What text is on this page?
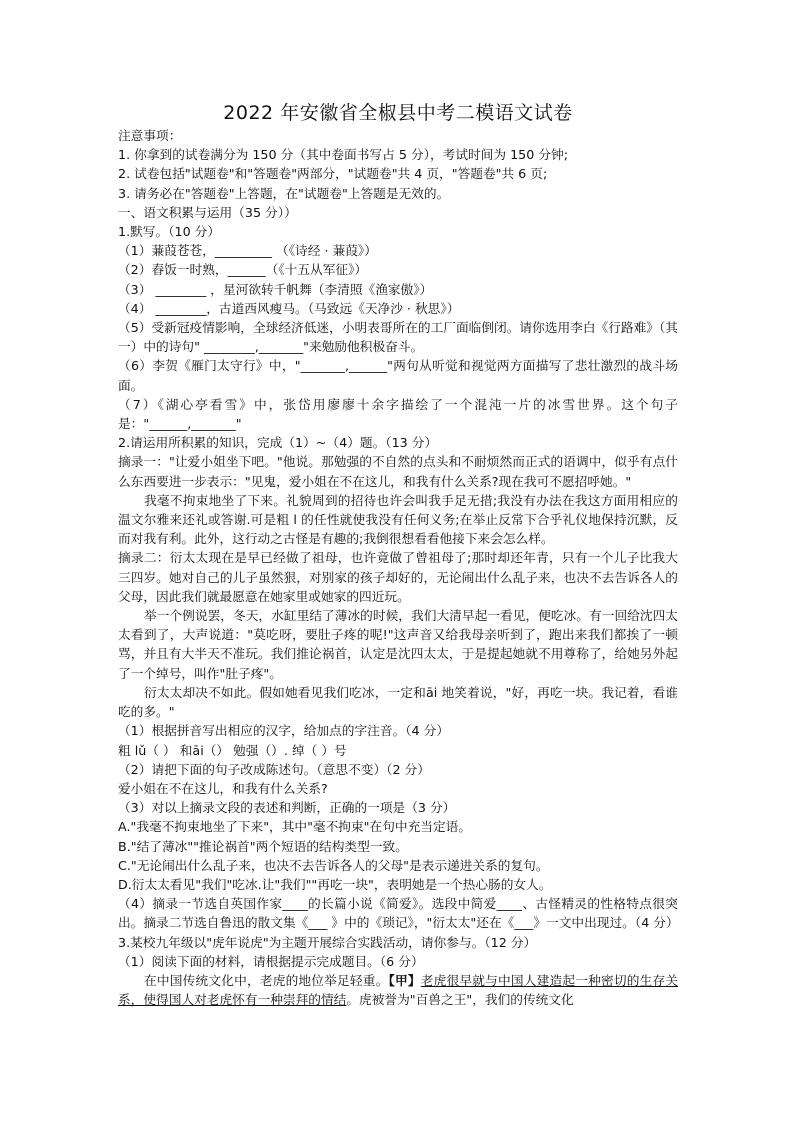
2022 年安徽省全椒县中考二模语文试卷

注意事项：

1. 你拿到的试卷满分为 150 分（其中卷面书写占 5 分），考试时间为 150 分钟;

2. 试卷包括"试题卷"和"答题卷"两部分，"试题卷"共 4 页，"答题卷"共 6 页;

3. 请务必在"答题卷"上答题，在"试题卷"上答题是无效的。

一、语文积累与运用（35 分））

1.默写。（10 分）

（1）蒹葭苍苍，_________ （《诗经 · 蒹葭》）

（2）舂饭一时熟，______（《十五从军征》）

（3） ________ ，星河欲转千帆舞（李清照《渔家傲》）

（4） ________，古道西风瘦马。（马致远《天净沙 · 秋思》）

（5）受新冠疫情影响，全球经济低迷，小明表哥所在的工厂面临倒闭。请你选用李白《行路难》（其一）中的诗句" ________,_______"来勉励他积极奋斗。

（6）李贺《雁门太守行》中，"_______,______"两句从听觉和视觉两方面描写了悲壮激烈的战斗场面。

（7）《湖心亭看雪》中，张岱用廖廖十余字描绘了一个混沌一片的冰雪世界。这个句子是："______,_______"

2.请运用所积累的知识，完成（1）~（4）题。（13 分）

摘录一："让爱小姐坐下吧。"他说。那勉强的不自然的点头和不耐烦然而正式的语调中，似乎有点什么东西要进一步表示："见鬼，爱小姐在不在这儿，和我有什么关系?现在我可不愿招呼她。"

我毫不拘束地坐了下来。礼貌周到的招待也许会叫我手足无措;我没有办法在我这方面用相应的温文尔雅来还礼或答谢.可是粗 l 的任性就使我没有任何义务;在举止反常下合乎礼仪地保持沉默，反而对我有利。此外，这行动之古怪是有趣的;我倒很想看看他接下来会怎么样。

摘录二：衍太太现在是早已经做了祖母，也许竟做了曾祖母了;那时却还年青，只有一个儿子比我大三四岁。她对自己的儿子虽然狠，对别家的孩子却好的，无论闹出什么乱子来，也决不去告诉各人的父母，因此我们就最愿意在她家里或她家的四近玩。

举一个例说罢，冬天，水缸里结了薄冰的时候，我们大清早起一看见，便吃冰。有一回给沈四太太看到了，大声说道："莫吃呀，要肚子疼的呢!"这声音又给我母亲听到了，跑出来我们都挨了一顿骂，并且有大半天不准玩。我们推论祸首，认定是沈四太太，于是提起她就不用尊称了，给她另外起了一个绰号，叫作"肚子疼"。

衍太太却决不如此。假如她看见我们吃冰，一定和āi 地笑着说，"好，再吃一块。我记着，看谁吃的多。"

（1）根据拼音写出相应的汉字，给加点的字注音。（4 分）

粗 lǔ（ ） 和āi（） 勉强（）. 绰（ ）号

（2）请把下面的句子改成陈述句。（意思不变）（2 分）

爱小姐在不在这儿，和我有什么关系?

（3）对以上摘录文段的表述和判断，正确的一项是（3 分）

A."我毫不拘束地坐了下来"，其中"毫不拘束"在句中充当定语。

B."结了薄冰""推论祸首"两个短语的结构类型一致。

C."无论闹出什么乱子来，也决不去告诉各人的父母"是表示递进关系的复句。

D.衍太太看见"我们"吃冰.让"我们""再吃一块"，表明她是一个热心肠的女人。

（4）摘录一节选自英国作家____的长篇小说《简爱》。选段中简爱____、古怪精灵的性格特点很突出。摘录二节选自鲁迅的散文集《___ 》中的《琐记》，"衍太太"还在《___》一文中出现过。（4 分）

3.某校九年级以"虎年说虎"为主题开展综合实践活动，请你参与。（12 分）

（1）阅读下面的材料，请根据提示完成题目。（6 分）

在中国传统文化中，老虎的地位举足轻重。【甲】老虎很早就与中国人建造起一种密切的生存关系，使得国人对老虎怀有一种崇拜的情结。虎被誉为"百兽之王"，我们的传统文化
